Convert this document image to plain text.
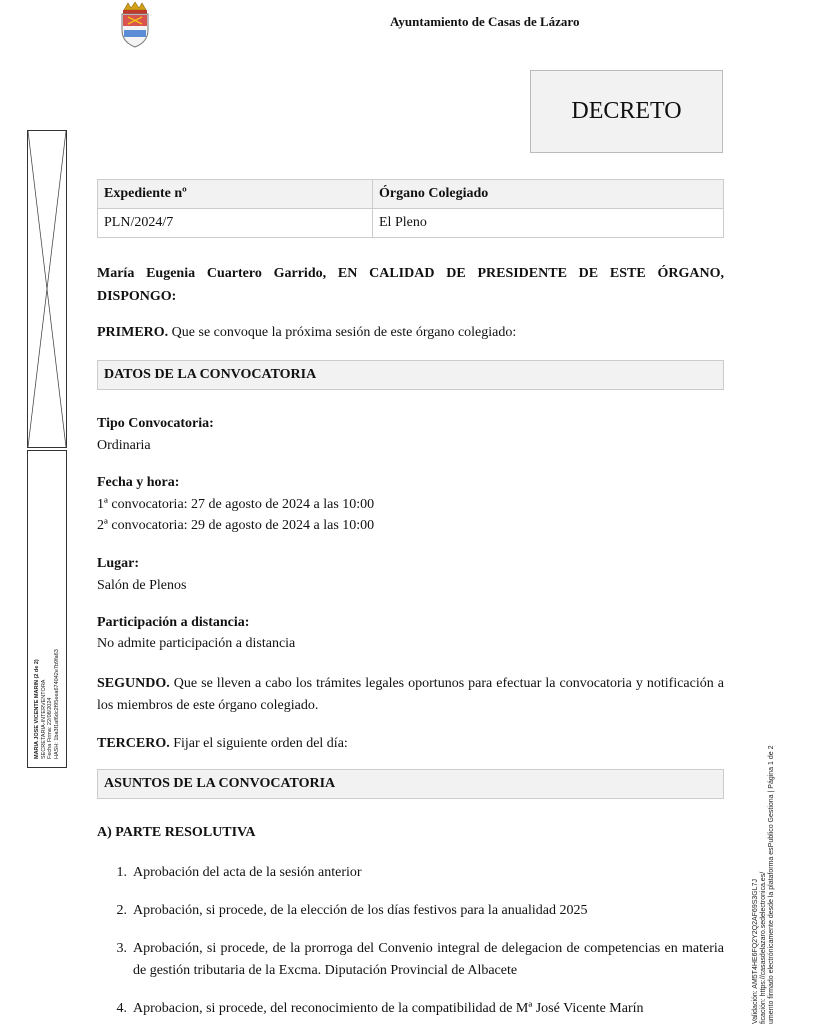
Ayuntamiento de Casas de Lázaro
DECRETO
MARIA JOSE VICENTE MARIN (2 de 2) SECRETARIA-INTERVENTORA Fecha Firma: 22/08/2024 HASH: 1ba3f1af6dc2f95eea674042e7b9fa63
Validación: AM5T4HE6FQ2Y2Q2AF69S3GL7J ficación: https://casasdelazaro.sedelectronica.es/ umento firmado electrónicamente desde la plataforma esPublico Gestiona | Página 1 de 2
Expediente nº	Órgano Colegiado
PLN/2024/7	El Pleno
María Eugenia Cuartero Garrido, EN CALIDAD DE PRESIDENTE DE ESTE ÓRGANO, DISPONGO:
PRIMERO. Que se convoque la próxima sesión de este órgano colegiado:
DATOS DE LA CONVOCATORIA
Tipo Convocatoria:
Ordinaria
Fecha y hora:
1ª convocatoria: 27 de agosto de 2024 a las 10:00
2ª convocatoria: 29 de agosto de 2024 a las 10:00
Lugar:
Salón de Plenos
Participación a distancia:
No admite participación a distancia
SEGUNDO. Que se lleven a cabo los trámites legales oportunos para efectuar la convocatoria y notificación a los miembros de este órgano colegiado.
TERCERO. Fijar el siguiente orden del día:
ASUNTOS DE LA CONVOCATORIA
A) PARTE RESOLUTIVA
1. Aprobación del acta de la sesión anterior
2. Aprobación, si procede, de la elección de los días festivos para la anualidad 2025
3. Aprobación, si procede, de la prorroga del Convenio integral de delegacion de competencias en materia de gestión tributaria de la Excma. Diputación Provincial de Albacete
4. Aprobacion, si procede, del reconocimiento de la compatibilidad de Mª José Vicente Marín
